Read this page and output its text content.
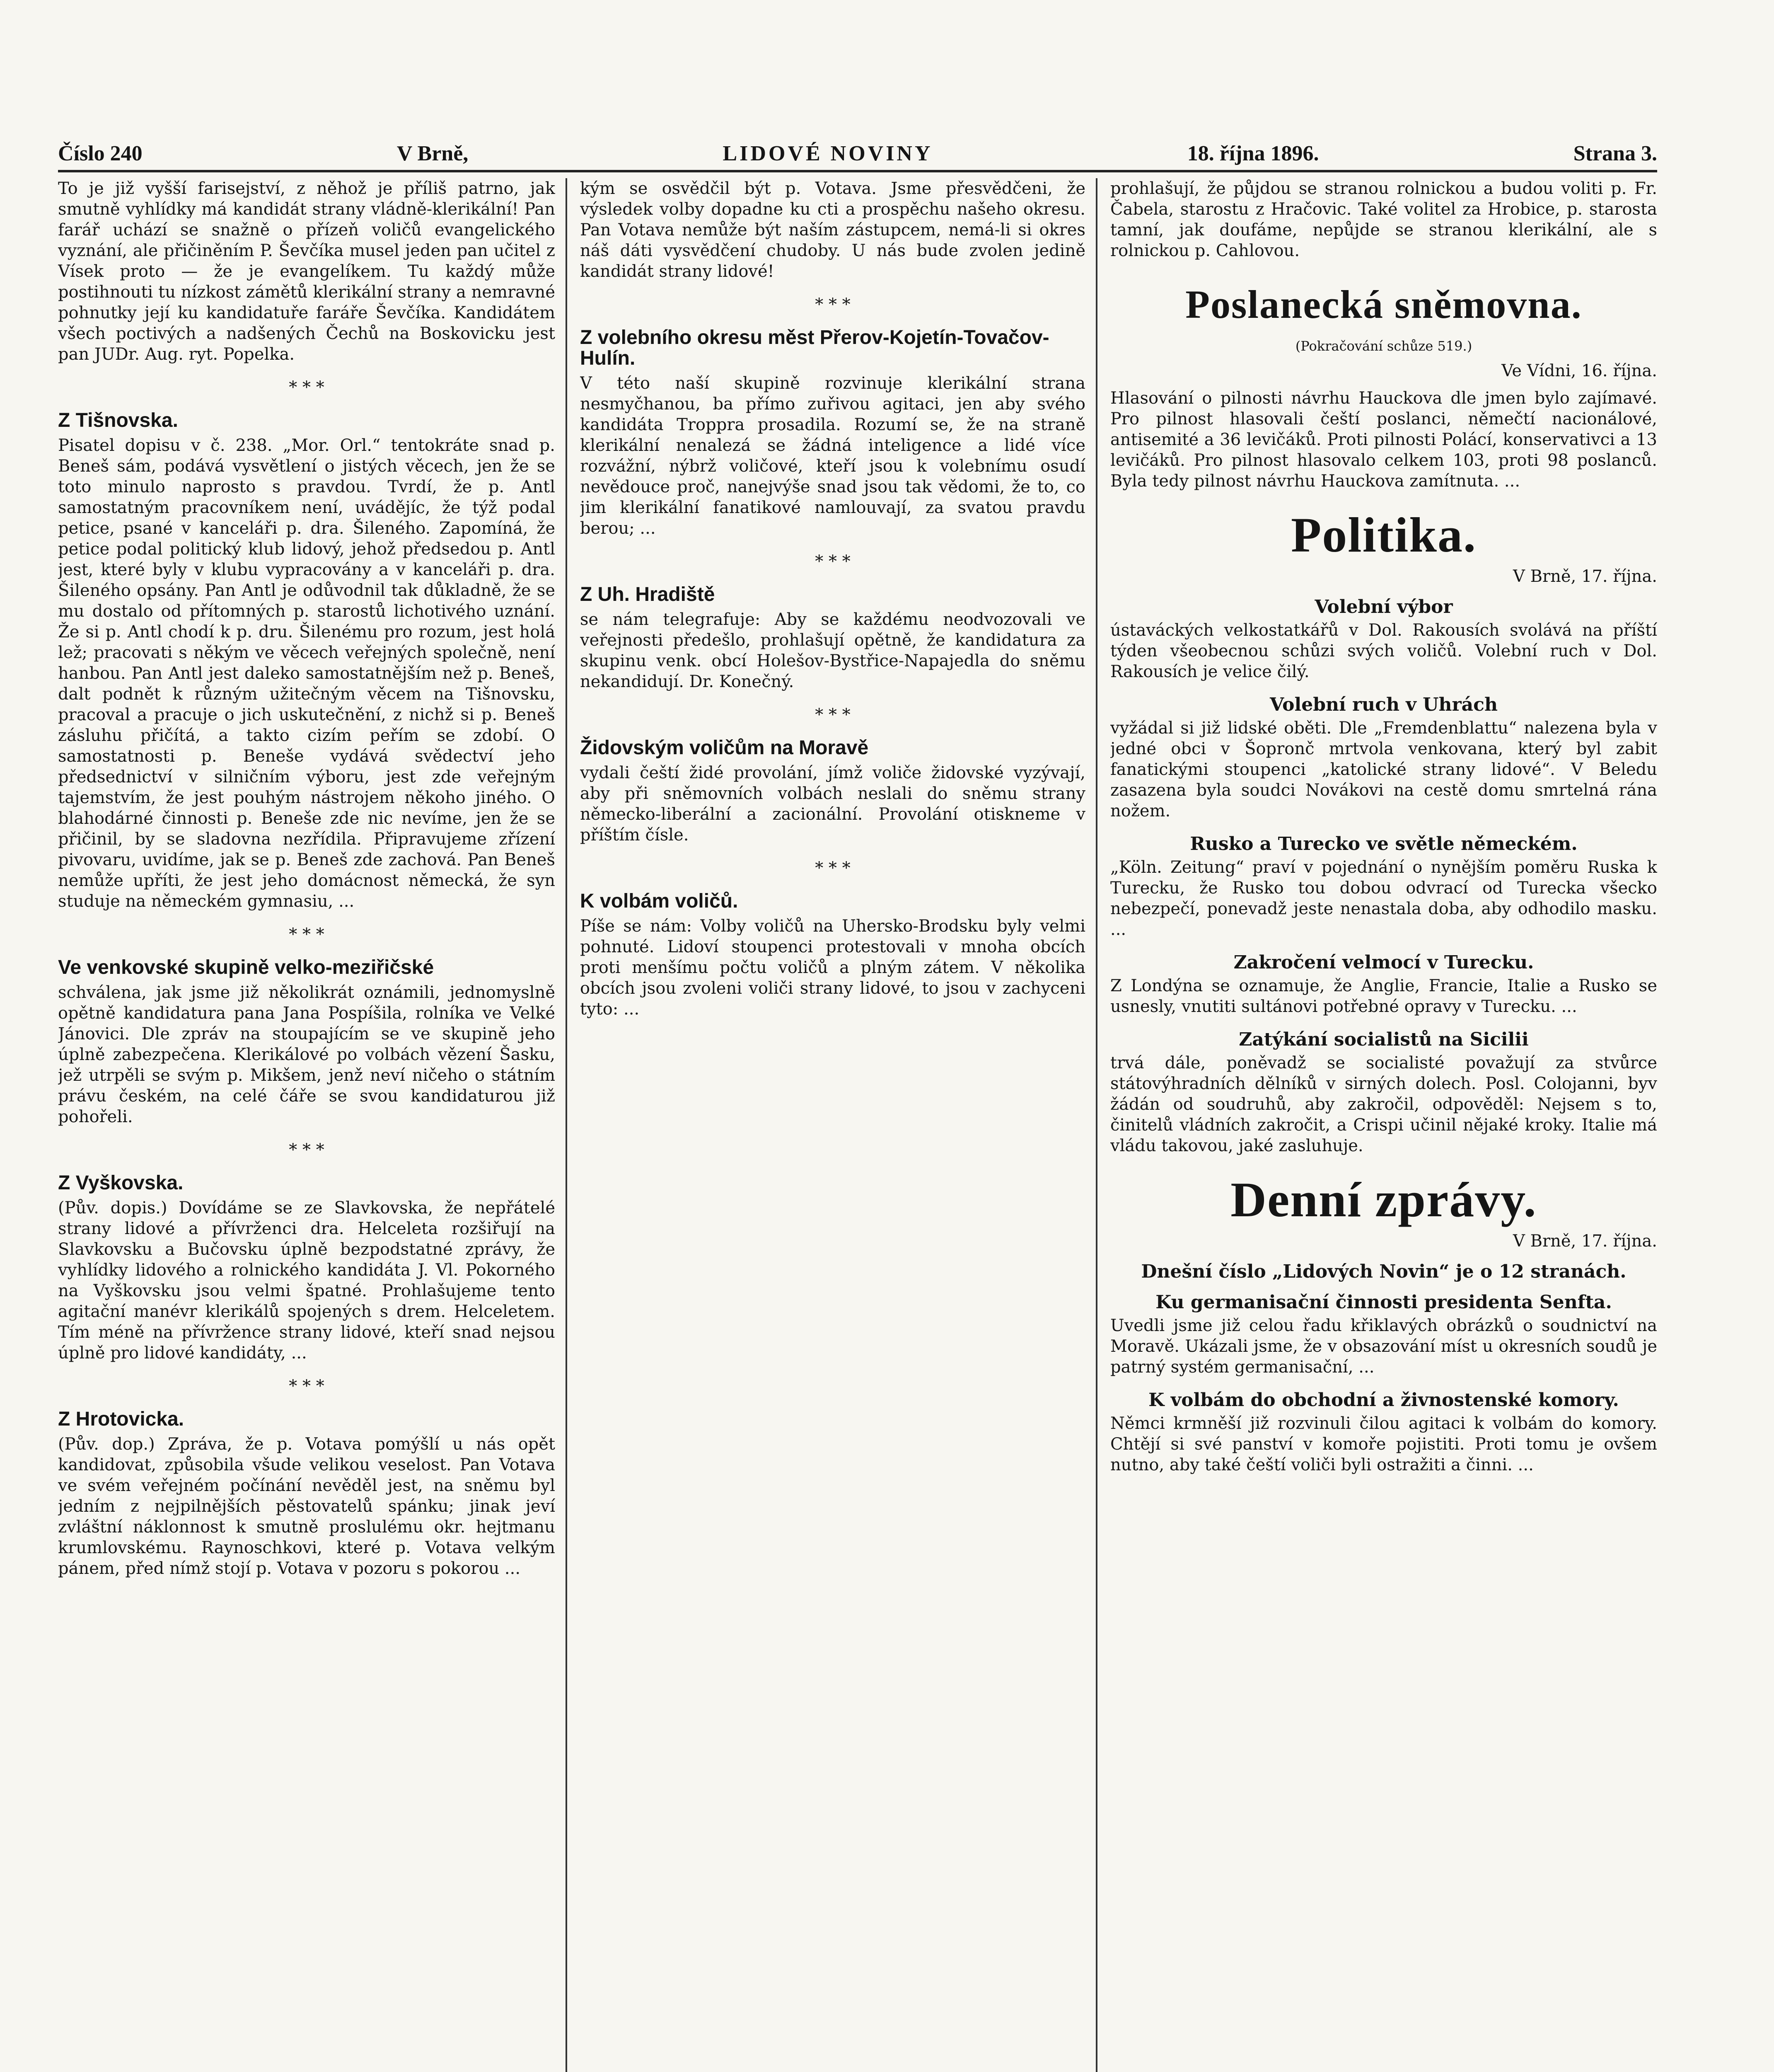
Číslo 240	V Brně,	LIDOVÉ NOVINY	18. října 1896.	Strana 3.

To je již vyšší farisejství, z něhož je příliš patrno, jak smutně vyhlídky má kandidát strany vládně-klerikální! Pan farář uchází se snažně o přízeň voličů evangelického vyznání, ale přičiněním P. Ševčíka musel jeden pan učitel z Vísek proto — že je evangelíkem. Tu každý může postihnouti tu nízkost zámětů klerikální strany a nemravné pohnutky její ku kandidatuře faráře Ševčíka. Kandidátem všech poctivých a nadšených Čechů na Boskovicku jest pan JUDr. Aug. ryt. Popelka.

* * *
Z Tišnovska.

Pisatel dopisu v č. 238. „Mor. Orl.“ tentokráte snad p. Beneš sám, podává vysvětlení o jistých věcech, jen že se toto minulo naprosto s pravdou. Tvrdí, že p. Antl samostatným pracovníkem není, uvádějíc, že týž podal petice, psané v kanceláři p. dra. Šileného. Zapomíná, že petice podal politický klub lidový, jehož předsedou p. Antl jest, které byly v klubu vypracovány a v kanceláři p. dra. Šileného opsány. Pan Antl je odůvodnil tak důkladně, že se mu dostalo od přítomných p. starostů lichotivého uznání. Že si p. Antl chodí k p. dru. Šilenému pro rozum, jest holá lež; pracovati s někým ve věcech veřejných společně, není hanbou. Pan Antl jest daleko samostatnějším než p. Beneš, dalt podnět k různým užitečným věcem na Tišnovsku, pracoval a pracuje o jich uskutečnění, z nichž si p. Beneš zásluhu přičítá, a takto cizím peřím se zdobí. O samostatnosti p. Beneše vydává svědectví jeho předsednictví v silničním výboru, jest zde veřejným tajemstvím, že jest pouhým nástrojem někoho jiného. O blahodárné činnosti p. Beneše zde nic nevíme, jen že se přičinil, by se sladovna nezřídila. Připravujeme zřízení pivovaru, uvidíme, jak se p. Beneš zde zachová. Pan Beneš nemůže upříti, že jest jeho domácnost německá, že syn studuje na německém gymnasiu, ...

* * *
Ve venkovské skupině velko-meziřičské

schválena, jak jsme již několikrát oznámili, jednomyslně opětně kandidatura pana Jana Pospíšila, rolníka ve Velké Jánovici. Dle zpráv na stoupajícím se ve skupině jeho úplně zabezpečena. Klerikálové po volbách vězení Šasku, jež utrpěli se svým p. Mikšem, jenž neví ničeho o státním právu českém, na celé čáře se svou kandidaturou již pohořeli.

* * *
Z Vyškovska.

(Pův. dopis.) Dovídáme se ze Slavkovska, že nepřátelé strany lidové a přívrženci dra. Helceleta rozšiřují na Slavkovsku a Bučovsku úplně bezpodstatné zprávy, že vyhlídky lidového a rolnického kandidáta J. Vl. Pokorného na Vyškovsku jsou velmi špatné. Prohlašujeme tento agitační manévr klerikálů spojených s drem. Helceletem. Tím méně na přívržence strany lidové, kteří snad nejsou úplně pro lidové kandidáty, ...

* * *
Z Hrotovicka.

(Pův. dop.) Zpráva, že p. Votava pomýšlí u nás opět kandidovat, způsobila všude velikou veselost. Pan Votava ve svém veřejném počínání nevěděl jest, na sněmu byl jedním z nejpilnějších pěstovatelů spánku; jinak jeví zvláštní náklonnost k smutně proslulému okr. hejtmanu krumlovskému. Raynoschkovi, které p. Votava velkým pánem, před nímž stojí p. Votava v pozoru s pokorou ...

kým se osvědčil být p. Votava. Jsme přesvědčeni, že výsledek volby dopadne ku cti a prospěchu našeho okresu. Pan Votava nemůže být naším zástupcem, nemá-li si okres náš dáti vysvědčení chudoby. U nás bude zvolen jedině kandidát strany lidové!

* * *
Z volebního okresu měst Přerov-Kojetín-Tovačov-Hulín.

V této naší skupině rozvinuje klerikální strana nesmyčhanou, ba přímo zuřivou agitaci, jen aby svého kandidáta Troppra prosadila. Rozumí se, že na straně klerikální nenalezá se žádná inteligence a lidé více rozvážní, nýbrž voličové, kteří jsou k volebnímu osudí nevědouce proč, nanejvýše snad jsou tak vědomi, že to, co jim klerikální fanatikové namlouvají, za svatou pravdu berou; ...

* * *
Z Uh. Hradiště

se nám telegrafuje: Aby se každému neodvozovali ve veřejnosti předešlo, prohlašují opětně, že kandidatura za skupinu venk. obcí Holešov-Bystřice-Napajedla do sněmu nekandidují. Dr. Konečný.

* * *
Židovským voličům na Moravě

vydali čeští židé provolání, jímž voliče židovské vyzývají, aby při sněmovních volbách neslali do sněmu strany německo-liberální a zacionální. Provolání otiskneme v příštím čísle.

* * *
K volbám voličů.

Píše se nám: Volby voličů na Uhersko-Brodsku byly velmi pohnuté. Lidoví stoupenci protestovali v mnoha obcích proti menšímu počtu voličů a plným zátem. V několika obcích jsou zvoleni voliči strany lidové, to jsou v zachyceni tyto: ...

prohlašují, že půjdou se stranou rolnickou a budou voliti p. Fr. Čabela, starostu z Hračovic. Také volitel za Hrobice, p. starosta tamní, jak doufáme, nepůjde se stranou klerikální, ale s rolnickou p. Cahlovou.

Poslanecká sněmovna.
(Pokračování schůze 519.)
Ve Vídni, 16. října.

Hlasování o pilnosti návrhu Hauckova dle jmen bylo zajímavé. Pro pilnost hlasovali čeští poslanci, němečtí nacionálové, antisemité a 36 levičáků. Proti pilnosti Polácí, konservativci a 13 levičáků. Pro pilnost hlasovalo celkem 103, proti 98 poslanců. Byla tedy pilnost návrhu Hauckova zamítnuta. ...

Politika.
V Brně, 17. října.
Volební výbor

ústaváckých velkostatkářů v Dol. Rakousích svolává na příští týden všeobecnou schůzi svých voličů. Volební ruch v Dol. Rakousích je velice čilý.

Volební ruch v Uhrách

vyžádal si již lidské oběti. Dle „Fremdenblattu“ nalezena byla v jedné obci v Šopronč mrtvola venkovana, který byl zabit fanatickými stoupenci „katolické strany lidové“. V Beledu zasazena byla soudci Novákovi na cestě domu smrtelná rána nožem.

Rusko a Turecko ve světle německém.

„Köln. Zeitung“ praví v pojednání o nynějším poměru Ruska k Turecku, že Rusko tou dobou odvrací od Turecka všecko nebezpečí, ponevadž jeste nenastala doba, aby odhodilo masku. ...

Zakročení velmocí v Turecku.

Z Londýna se oznamuje, že Anglie, Francie, Italie a Rusko se usnesly, vnutiti sultánovi potřebné opravy v Turecku. ...

Zatýkání socialistů na Sicilii

trvá dále, poněvadž se socialisté považují za stvůrce státovýhradních dělníků v sirných dolech. Posl. Colojanni, byv žádán od soudruhů, aby zakročil, odpověděl: Nejsem s to, činitelů vládních zakročit, a Crispi učinil nějaké kroky. Italie má vládu takovou, jaké zasluhuje.

Denní zprávy.
V Brně, 17. října.
Dnešní číslo „Lidových Novin“ je o 12 stranách.
Ku germanisační činnosti presidenta Senfta.

Uvedli jsme již celou řadu křiklavých obrázků o soudnictví na Moravě. Ukázali jsme, že v obsazování míst u okresních soudů je patrný systém germanisační, ...

K volbám do obchodní a živnostenské komory.

Němci krmněší již rozvinuli čilou agitaci k volbám do komory. Chtějí si své panství v komoře pojistiti. Proti tomu je ovšem nutno, aby také čeští voliči byli ostražiti a činni. ...
